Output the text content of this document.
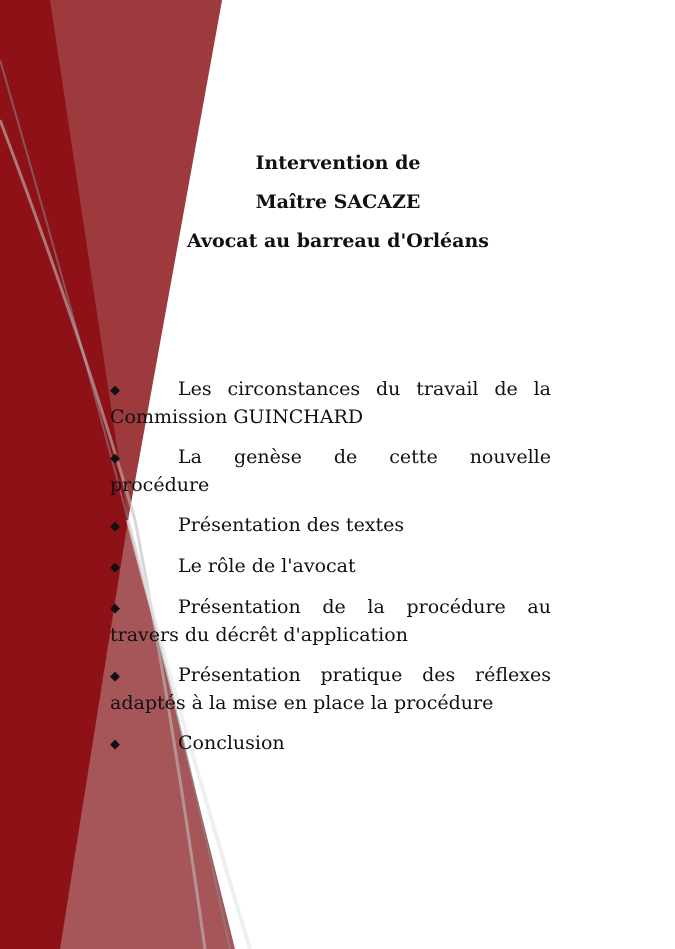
Intervention de
Maître SACAZE
Avocat au barreau d'Orléans
◆	Les circonstances du travail de la Commission GUINCHARD
◆	La genèse de cette nouvelle procédure
◆	Présentation des textes
◆	Le rôle de l'avocat
◆	Présentation de la procédure au travers du décrêt d'application
◆	Présentation pratique des réflexes adaptés à la mise en place la procédure
◆	Conclusion
